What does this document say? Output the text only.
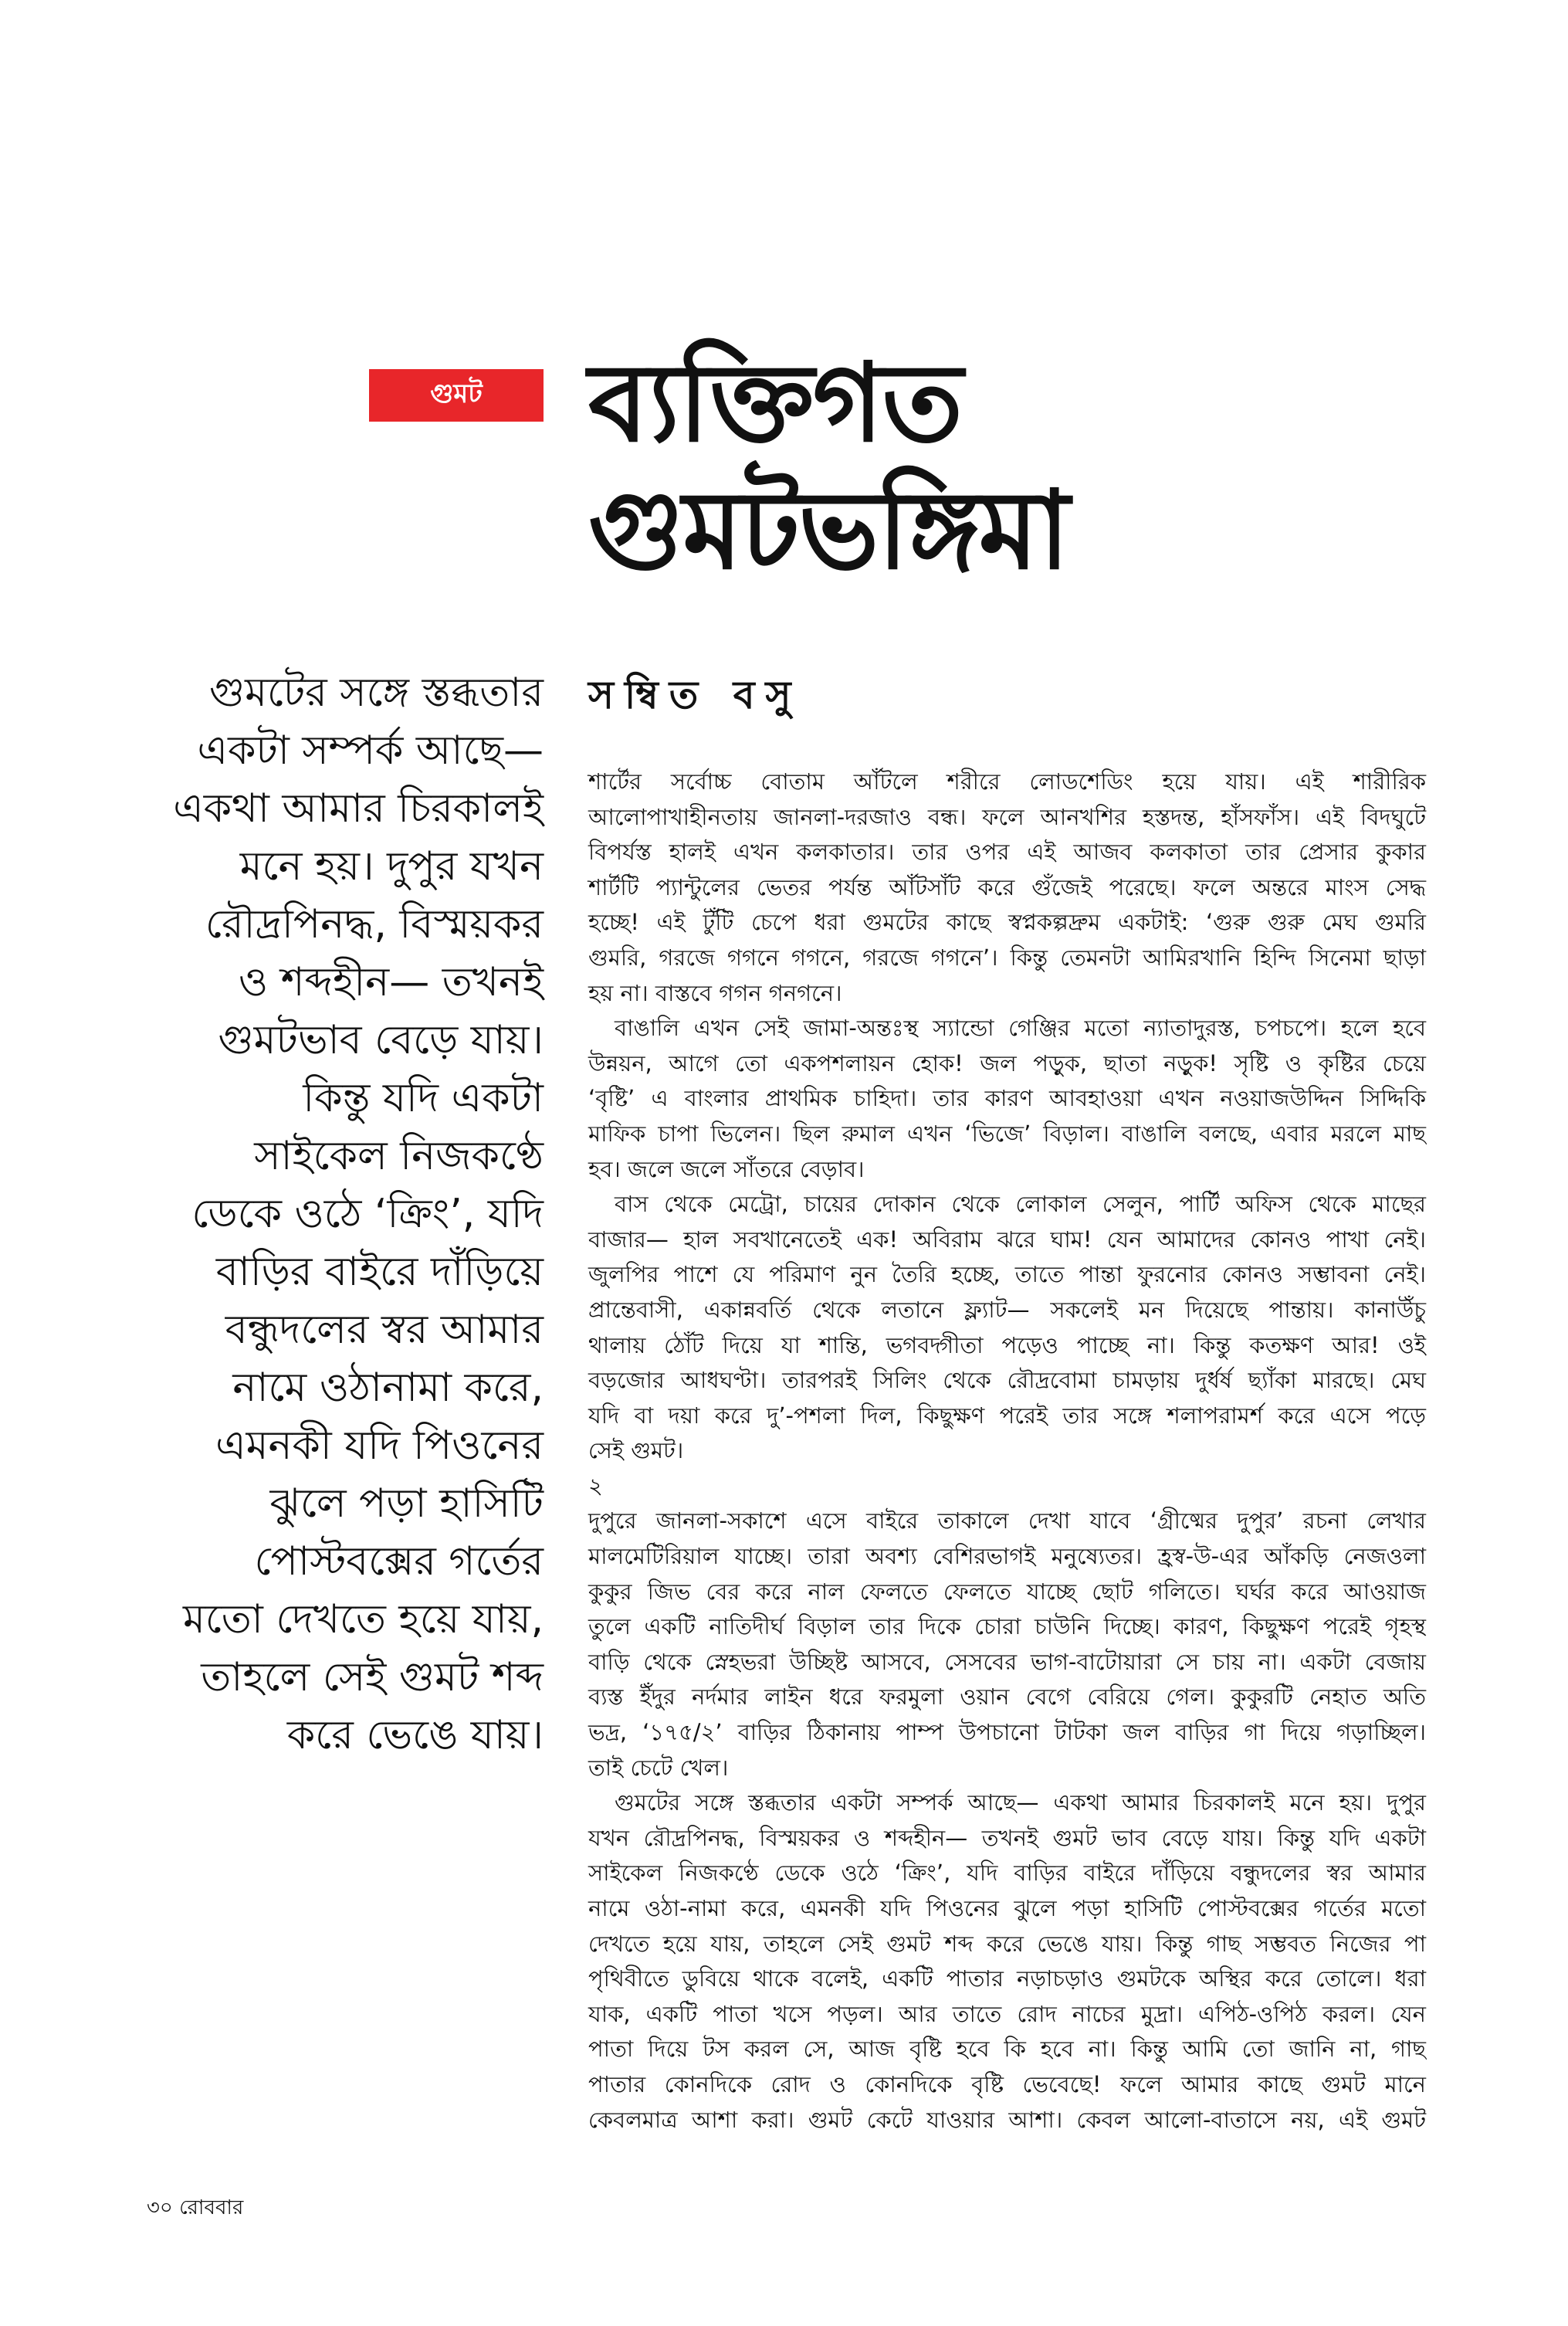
গুমট ব্যক্তিগত
গুমটভঙ্গিমা
গুমটের সঙ্গে স্তব্ধতার
একটা সম্পর্ক আছে—
একথা আমার চিরকালই
মনে হয়। দুপুর যখন
রৌদ্রপিনদ্ধ, বিস্ময়কর
ও শব্দহীন— তখনই
গুমটভাব বেড়ে যায়।
কিন্তু যদি একটা
সাইকেল নিজকণ্ঠে
ডেকে ওঠে ‘ক্রিং’, যদি
বাড়ির বাইরে দাঁড়িয়ে
বন্ধুদলের স্বর আমার
নামে ওঠানামা করে,
এমনকী যদি পিওনের
ঝুলে পড়া হাসিটি
পোস্টবক্সের গর্তের
মতো দেখতে হয়ে যায়,
তাহলে সেই গুমট শব্দ
করে ভেঙে যায়।
সম্বিত বসু
শার্টের সর্বোচ্চ বোতাম আঁটলে শরীরে লোডশেডিং হয়ে যায়। এই শারীরিক
আলোপাখাহীনতায় জানলা-দরজাও বন্ধ। ফলে আনখশির হস্তদন্ত, হাঁসফাঁস। এই বিদঘুটে
বিপর্যস্ত হালই এখন কলকাতার। তার ওপর এই আজব কলকাতা তার প্রেসার কুকার
শার্টটি প্যান্টুলের ভেতর পর্যন্ত আঁটসাঁট করে গুঁজেই পরেছে। ফলে অন্তরে মাংস সেদ্ধ
হচ্ছে! এই টুঁটি চেপে ধরা গুমটের কাছে স্বপ্নকল্পদ্রুম একটাই: ‘গুরু গুরু মেঘ গুমরি
গুমরি, গরজে গগনে গগনে, গরজে গগনে’। কিন্তু তেমনটা আমিরখানি হিন্দি সিনেমা ছাড়া
হয় না। বাস্তবে গগন গনগনে।
বাঙালি এখন সেই জামা-অন্তঃস্থ স্যান্ডো গেঞ্জির মতো ন্যাতাদুরস্ত, চপচপে। হলে হবে
উন্নয়ন, আগে তো একপশলায়ন হোক! জল পড়ুক, ছাতা নড়ুক! সৃষ্টি ও কৃষ্টির চেয়ে
‘বৃষ্টি’ এ বাংলার প্রাথমিক চাহিদা। তার কারণ আবহাওয়া এখন নওয়াজউদ্দিন সিদ্দিকি
মাফিক চাপা ভিলেন। ছিল রুমাল এখন ‘ভিজে’ বিড়াল। বাঙালি বলছে, এবার মরলে মাছ
হব। জলে জলে সাঁতরে বেড়াব।
বাস থেকে মেট্রো, চায়ের দোকান থেকে লোকাল সেলুন, পার্টি অফিস থেকে মাছের
বাজার— হাল সবখানেতেই এক! অবিরাম ঝরে ঘাম! যেন আমাদের কোনও পাখা নেই।
জুলপির পাশে যে পরিমাণ নুন তৈরি হচ্ছে, তাতে পান্তা ফুরনোর কোনও সম্ভাবনা নেই।
প্রান্তেবাসী, একান্নবর্তি থেকে লতানে ফ্ল্যাট— সকলেই মন দিয়েছে পান্তায়। কানাউঁচু
থালায় ঠোঁট দিয়ে যা শান্তি, ভগবদ্গীতা পড়েও পাচ্ছে না। কিন্তু কতক্ষণ আর! ওই
বড়জোর আধঘণ্টা। তারপরই সিলিং থেকে রৌদ্রবোমা চামড়ায় দুর্ধর্ষ ছ্যাঁকা মারছে। মেঘ
যদি বা দয়া করে দু’-পশলা দিল, কিছুক্ষণ পরেই তার সঙ্গে শলাপরামর্শ করে এসে পড়ে
সেই গুমট।
২
দুপুরে জানলা-সকাশে এসে বাইরে তাকালে দেখা যাবে ‘গ্রীষ্মের দুপুর’ রচনা লেখার
মালমেটিরিয়াল যাচ্ছে। তারা অবশ্য বেশিরভাগই মনুষ্যেতর। হ্রস্ব-উ-এর আঁকড়ি নেজওলা
কুকুর জিভ বের করে নাল ফেলতে ফেলতে যাচ্ছে ছোট গলিতে। ঘর্ঘর করে আওয়াজ
তুলে একটি নাতিদীর্ঘ বিড়াল তার দিকে চোরা চাউনি দিচ্ছে। কারণ, কিছুক্ষণ পরেই গৃহস্থ
বাড়ি থেকে স্নেহভরা উচ্ছিষ্ট আসবে, সেসবের ভাগ-বাটোয়ারা সে চায় না। একটা বেজায়
ব্যস্ত ইঁদুর নর্দমার লাইন ধরে ফরমুলা ওয়ান বেগে বেরিয়ে গেল। কুকুরটি নেহাত অতি
ভদ্র, ‘১৭৫/২’ বাড়ির ঠিকানায় পাম্প উপচানো টাটকা জল বাড়ির গা দিয়ে গড়াচ্ছিল।
তাই চেটে খেল।
গুমটের সঙ্গে স্তব্ধতার একটা সম্পর্ক আছে— একথা আমার চিরকালই মনে হয়। দুপুর
যখন রৌদ্রপিনদ্ধ, বিস্ময়কর ও শব্দহীন— তখনই গুমট ভাব বেড়ে যায়। কিন্তু যদি একটা
সাইকেল নিজকণ্ঠে ডেকে ওঠে ‘ক্রিং’, যদি বাড়ির বাইরে দাঁড়িয়ে বন্ধুদলের স্বর আমার
নামে ওঠা-নামা করে, এমনকী যদি পিওনের ঝুলে পড়া হাসিটি পোস্টবক্সের গর্তের মতো
দেখতে হয়ে যায়, তাহলে সেই গুমট শব্দ করে ভেঙে যায়। কিন্তু গাছ সম্ভবত নিজের পা
পৃথিবীতে ডুবিয়ে থাকে বলেই, একটি পাতার নড়াচড়াও গুমটকে অস্থির করে তোলে। ধরা
যাক, একটি পাতা খসে পড়ল। আর তাতে রোদ নাচের মুদ্রা। এপিঠ-ওপিঠ করল। যেন
পাতা দিয়ে টস করল সে, আজ বৃষ্টি হবে কি হবে না। কিন্তু আমি তো জানি না, গাছ
পাতার কোনদিকে রোদ ও কোনদিকে বৃষ্টি ভেবেছে! ফলে আমার কাছে গুমট মানে
কেবলমাত্র আশা করা। গুমট কেটে যাওয়ার আশা। কেবল আলো-বাতাসে নয়, এই গুমট
৩০ রোববার
